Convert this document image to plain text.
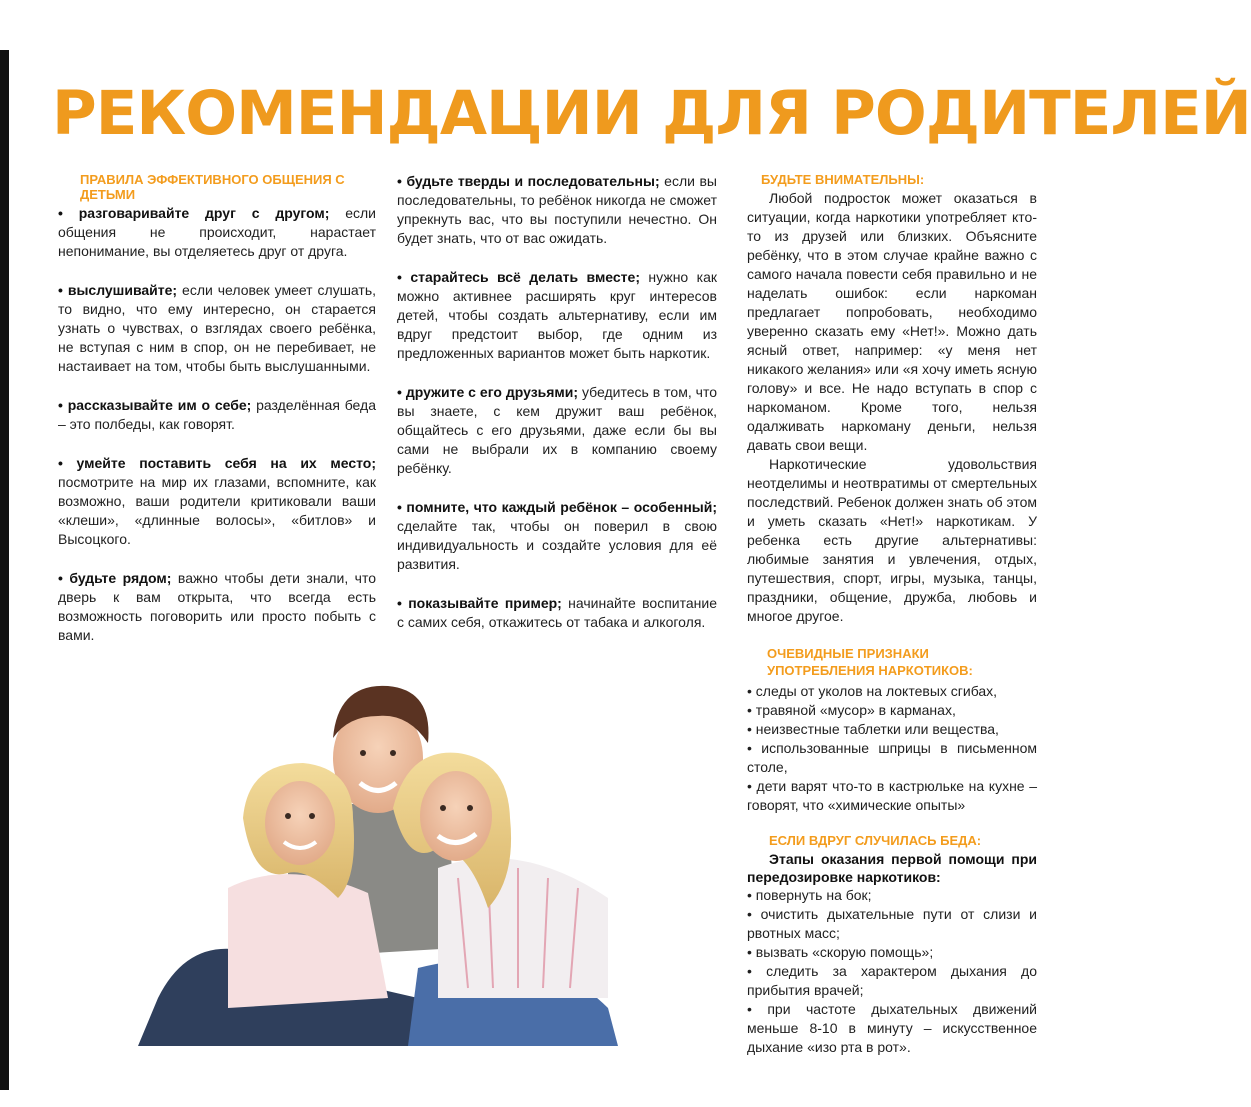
РЕКОМЕНДАЦИИ ДЛЯ РОДИТЕЛЕЙ
ПРАВИЛА ЭФФЕКТИВНОГО ОБЩЕНИЯ С ДЕТЬМИ

• разговаривайте друг с другом; если общения не происходит, нарастает непонимание, вы отделяетесь друг от друга.

• выслушивайте; если человек умеет слушать, то видно, что ему интересно, он старается узнать о чувствах, о взглядах своего ребёнка, не вступая с ним в спор, он не перебивает, не настаивает на том, чтобы быть выслушанными.

• рассказывайте им о себе; разделённая беда – это полбеды, как говорят.

• умейте поставить себя на их место; посмотрите на мир их глазами, вспомните, как возможно, ваши родители критиковали ваши «клеши», «длинные волосы», «битлов» и Высоцкого.

• будьте рядом; важно чтобы дети знали, что дверь к вам открыта, что всегда есть возможность поговорить или просто побыть с вами.

• будьте тверды и последовательны; если вы последовательны, то ребёнок никогда не сможет упрекнуть вас, что вы поступили нечестно. Он будет знать, что от вас ожидать.

• старайтесь всё делать вместе; нужно как можно активнее расширять круг интересов детей, чтобы создать альтернативу, если им вдруг предстоит выбор, где одним из предложенных вариантов может быть наркотик.

• дружите с его друзьями; убедитесь в том, что вы знаете, с кем дружит ваш ребёнок, общайтесь с его друзьями, даже если бы вы сами не выбрали их в компанию своему ребёнку.

• помните, что каждый ребёнок – особенный; сделайте так, чтобы он поверил в свою индивидуальность и создайте условия для её развития.

• показывайте пример; начинайте воспитание с самих себя, откажитесь от табака и алкоголя.

БУДЬТЕ ВНИМАТЕЛЬНЫ:

Любой подросток может оказаться в ситуации, когда наркотики употребляет кто-то из друзей или близких. Объясните ребёнку, что в этом случае крайне важно с самого начала повести себя правильно и не наделать ошибок: если наркоман предлагает попробовать, необходимо уверенно сказать ему «Нет!». Можно дать ясный ответ, например: «у меня нет никакого желания» или «я хочу иметь ясную голову» и все. Не надо вступать в спор с наркоманом. Кроме того, нельзя одалживать наркоману деньги, нельзя давать свои вещи.

Наркотические удовольствия неотделимы и неотвратимы от смертельных последствий. Ребенок должен знать об этом и уметь сказать «Нет!» наркотикам. У ребенка есть другие альтернативы: любимые занятия и увлечения, отдых, путешествия, спорт, игры, музыка, танцы, праздники, общение, дружба, любовь и многое другое.

ОЧЕВИДНЫЕ ПРИЗНАКИ
УПОТРЕБЛЕНИЯ НАРКОТИКОВ:
• следы от уколов на локтевых сгибах,
• травяной «мусор» в карманах,
• неизвестные таблетки или вещества,
• использованные шприцы в письменном столе,
• дети варят что-то в кастрюльке на кухне – говорят, что «химические опыты»
ЕСЛИ ВДРУГ СЛУЧИЛАСЬ БЕДА:

Этапы оказания первой помощи при передозировке наркотиков:

• повернуть на бок;
• очистить дыхательные пути от слизи и рвотных масс;
• вызвать «скорую помощь»;
• следить за характером дыхания до прибытия врачей;
• при частоте дыхательных движений меньше 8-10 в минуту – искусственное дыхание «изо рта в рот».
